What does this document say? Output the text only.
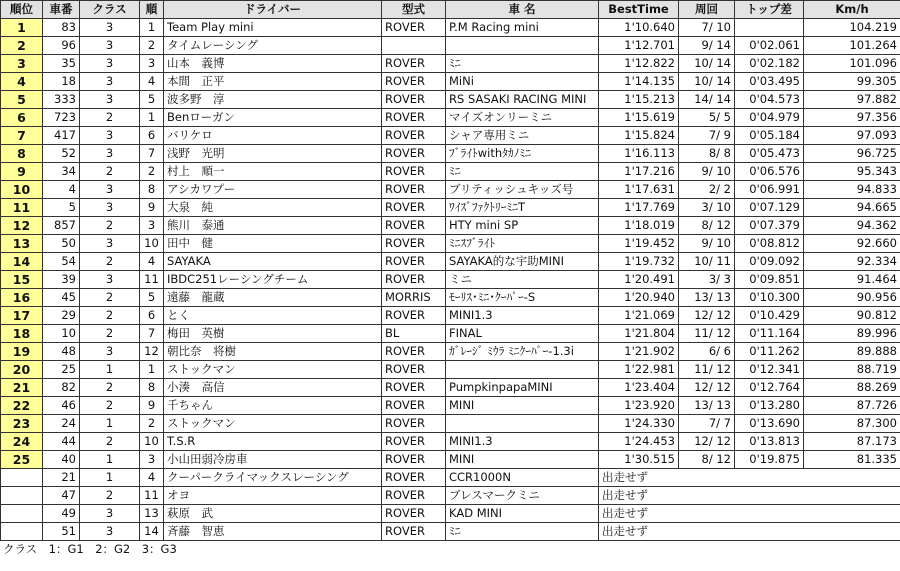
順位	車番	クラス	順	ドライバー	型式	車 名	BestTime	周回	トップ差	Km/h
1	83	3	1	Team Play mini	ROVER	P.M Racing mini	1'10.640	7/ 10		104.219
2	96	3	2	タイムレーシング			1'12.701	9/ 14	0'02.061	101.264
3	35	3	3	山本　義博	ROVER	ﾐﾆ	1'12.822	10/ 14	0'02.182	101.096
4	18	3	4	本間　正平	ROVER	MiNi	1'14.135	10/ 14	0'03.495	99.305
5	333	3	5	波多野　淳	ROVER	RS SASAKI RACING MINI	1'15.213	14/ 14	0'04.573	97.882
6	723	2	1	Benローガン	ROVER	マイズオンリーミニ	1'15.619	5/ 5	0'04.979	97.356
7	417	3	6	バリケロ	ROVER	シャア専用ミニ	1'15.824	7/ 9	0'05.184	97.093
8	52	3	7	浅野　光明	ROVER	ﾌﾞﾗｲﾄwithﾀｶﾉﾐﾆ	1'16.113	8/ 8	0'05.473	96.725
9	34	2	2	村上　順一	ROVER	ﾐﾆ	1'17.216	9/ 10	0'06.576	95.343
10	4	3	8	アシカワプー	ROVER	ブリティッシュキッズ号	1'17.631	2/ 2	0'06.991	94.833
11	5	3	9	大泉　純	ROVER	ﾜｲｽﾞﾌｧｸﾄﾘｰﾐﾆT	1'17.769	3/ 10	0'07.129	94.665
12	857	2	3	熊川　泰通	ROVER	HTY mini SP	1'18.019	8/ 12	0'07.379	94.362
13	50	3	10	田中　健	ROVER	ﾐﾆｽﾌﾞﾗｲﾄ	1'19.452	9/ 10	0'08.812	92.660
14	54	2	4	SAYAKA	ROVER	SAYAKA的な宇助MINI	1'19.732	10/ 11	0'09.092	92.334
15	39	3	11	IBDC251レーシングチーム	ROVER	ミニ	1'20.491	3/ 3	0'09.851	91.464
16	45	2	5	遠藤　龍蔵	MORRIS	ﾓｰﾘｽ･ﾐﾆ･ｸｰﾊﾟｰ-S	1'20.940	13/ 13	0'10.300	90.956
17	29	2	6	とく	ROVER	MINI1.3	1'21.069	12/ 12	0'10.429	90.812
18	10	2	7	梅田　英樹	BL	FINAL	1'21.804	11/ 12	0'11.164	89.996
19	48	3	12	朝比奈　将樹	ROVER	ｶﾞﾚｰｼﾞ ﾐｳﾗ ﾐﾆｸｰﾊﾟｰ-1.3i	1'21.902	6/ 6	0'11.262	89.888
20	25	1	1	ストックマン	ROVER		1'22.981	11/ 12	0'12.341	88.719
21	82	2	8	小湊　高信	ROVER	PumpkinpapaMINI	1'23.404	12/ 12	0'12.764	88.269
22	46	2	9	千ちゃん	ROVER	MINI	1'23.920	13/ 13	0'13.280	87.726
23	24	1	2	ストックマン	ROVER		1'24.330	7/ 7	0'13.690	87.300
24	44	2	10	T.S.R	ROVER	MINI1.3	1'24.453	12/ 12	0'13.813	87.173
25	40	1	3	小山田弱冷房車	ROVER	MINI	1'30.515	8/ 12	0'19.875	81.335
	21	1	4	クーパークライマックスレーシング	ROVER	CCR1000N	出走せず			
	47	2	11	オヨ	ROVER	ブレスマークミニ	出走せず			
	49	3	13	萩原　武	ROVER	KAD MINI	出走せず			
	51	3	14	斉藤　智恵	ROVER	ﾐﾆ	出走せず			
クラス　1：G1　2：G2　3：G3
